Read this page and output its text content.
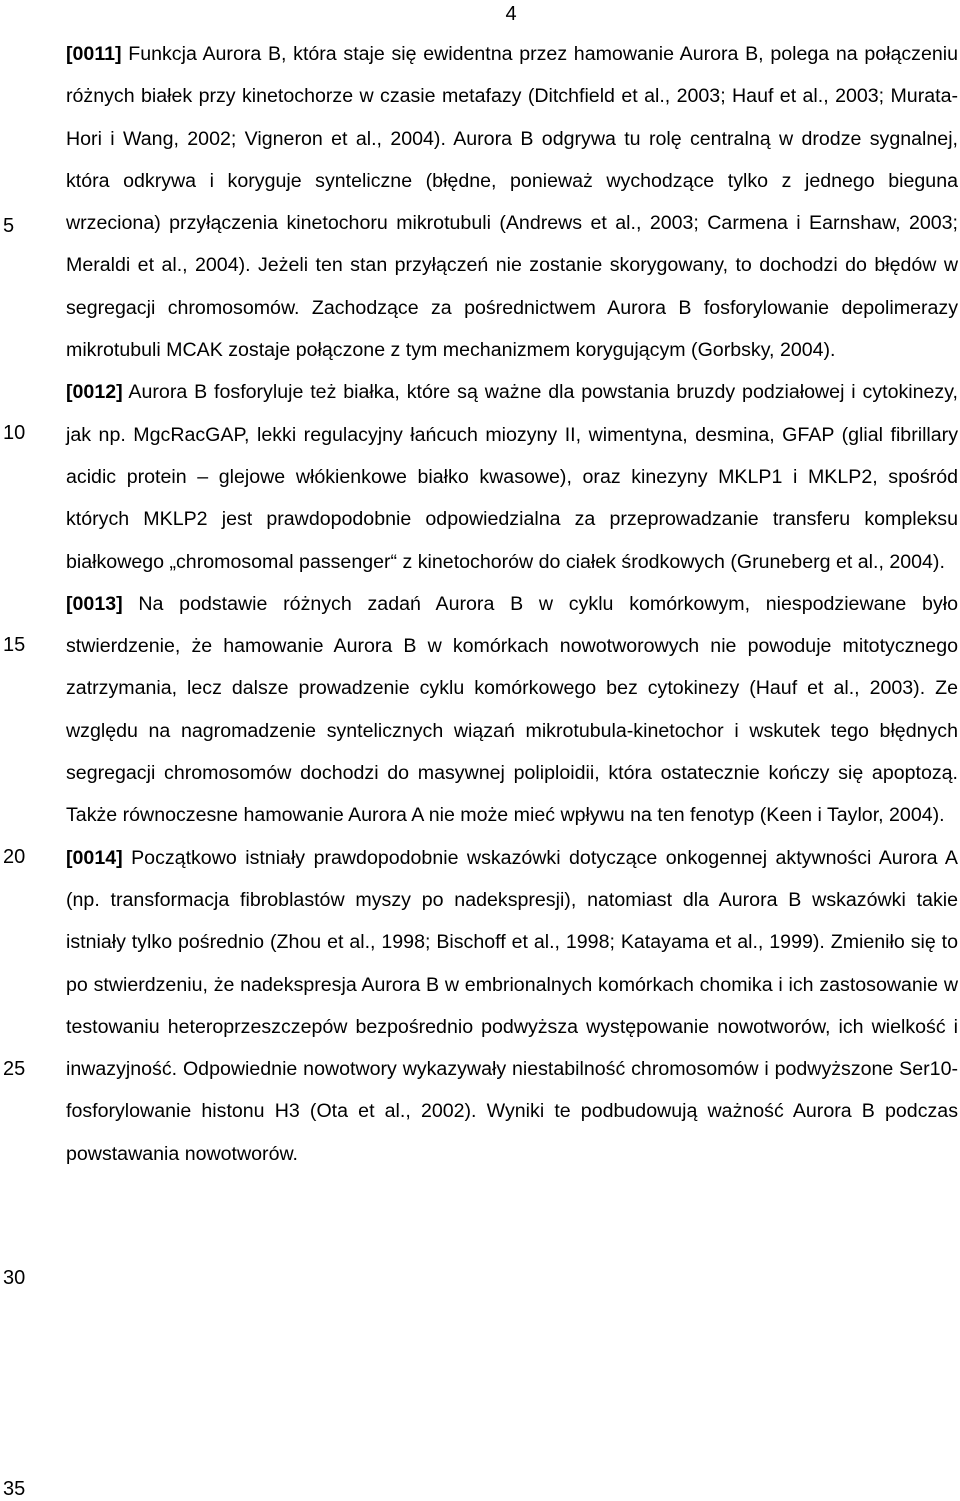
4
5
10
15
20
25
30
35

[0011] Funkcja Aurora B, która staje się ewidentna przez hamowanie Aurora B, polega na połączeniu różnych białek przy kinetochorze w czasie metafazy (Ditchfield et al., 2003; Hauf et al., 2003; Murata-Hori i Wang, 2002; Vigneron et al., 2004). Aurora B odgrywa tu rolę centralną w drodze sygnalnej, która odkrywa i koryguje synteliczne (błędne, ponieważ wychodzące tylko z jednego bieguna wrzeciona) przyłączenia kinetochoru mikrotubuli (Andrews et al., 2003; Carmena i Earnshaw, 2003; Meraldi et al., 2004). Jeżeli ten stan przyłączeń nie zostanie skorygowany, to dochodzi do błędów w segregacji chromosomów. Zachodzące za pośrednictwem Aurora B fosforylowanie depolimerazy mikrotubuli MCAK zostaje połączone z tym mechanizmem korygującym (Gorbsky, 2004).

[0012] Aurora B fosforyluje też białka, które są ważne dla powstania bruzdy podziałowej i cytokinezy, jak np. MgcRacGAP, lekki regulacyjny łańcuch miozyny II, wimentyna, desmina, GFAP (glial fibrillary acidic protein – glejowe włókienkowe białko kwasowe), oraz kinezyny MKLP1 i MKLP2, spośród których MKLP2 jest prawdopodobnie odpowiedzialna za przeprowadzanie transferu kompleksu białkowego „chromosomal passenger“ z kinetochorów do ciałek środkowych (Gruneberg et al., 2004).

[0013] Na podstawie różnych zadań Aurora B w cyklu komórkowym, niespodziewane było stwierdzenie, że hamowanie Aurora B w komórkach nowotworowych nie powoduje mitotycznego zatrzymania, lecz dalsze prowadzenie cyklu komórkowego bez cytokinezy (Hauf et al., 2003). Ze względu na nagromadzenie syntelicznych wiązań mikrotubula-kinetochor i wskutek tego błędnych segregacji chromosomów dochodzi do masywnej poliploidii, która ostatecznie kończy się apoptozą. Także równoczesne hamowanie Aurora A nie może mieć wpływu na ten fenotyp (Keen i Taylor, 2004).

[0014] Początkowo istniały prawdopodobnie wskazówki dotyczące onkogennej aktywności Aurora A (np. transformacja fibroblastów myszy po nadekspresji), natomiast dla Aurora B wskazówki takie istniały tylko pośrednio (Zhou et al., 1998; Bischoff et al., 1998; Katayama et al., 1999). Zmieniło się to po stwierdzeniu, że nadekspresja Aurora B w embrionalnych komórkach chomika i ich zastosowanie w testowaniu heteroprzeszczepów bezpośrednio podwyższa występowanie nowotworów, ich wielkość i inwazyjność. Odpowiednie nowotwory wykazywały niestabilność chromosomów i podwyższone Ser10-fosforylowanie histonu H3 (Ota et al., 2002). Wyniki te podbudowują ważność Aurora B podczas powstawania nowotworów.
